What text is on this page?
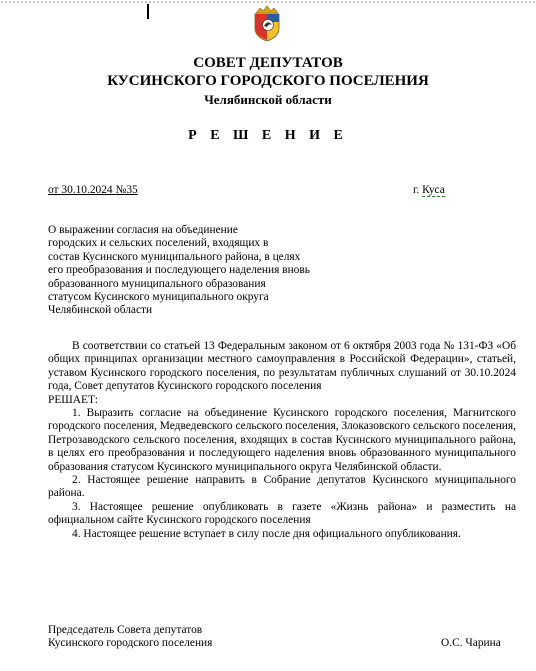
СОВЕТ ДЕПУТАТОВ
КУСИНСКОГО ГОРОДСКОГО ПОСЕЛЕНИЯ
Челябинской области
Р Е Ш Е Н И Е
от 30.10.2024 №35	г. Куса
О выражении согласия на объединение
городских и сельских поселений, входящих в
состав Кусинского муниципального района, в целях
его преобразования и последующего наделения вновь
образованного муниципального образования
статусом Кусинского муниципального округа
Челябинской области

В соответствии со статьей 13 Федеральным законом от 6 октября 2003 года № 131-ФЗ «Об общих принципах организации местного самоуправления в Российской Федерации», статьей, уставом Кусинского городского поселения, по результатам публичных слушаний от 30.10.2024 года, Совет депутатов Кусинского городского поселения

РЕШАЕТ:

1. Выразить согласие на объединение Кусинского городского поселения, Магнитского городского поселения, Медведевского сельского поселения, Злоказовского сельского поселения, Петрозаводского сельского поселения, входящих в состав Кусинского муниципального района, в целях его преобразования и последующего наделения вновь образованного муниципального образования статусом Кусинского муниципального округа Челябинской области.

2. Настоящее решение направить в Собрание депутатов Кусинского муниципального района.

3. Настоящее решение опубликовать в газете «Жизнь района» и разместить на официальном сайте Кусинского городского поселения

4. Настоящее решение вступает в силу после дня официального опубликования.

Председатель Совета депутатов
Кусинского городского поселения	О.С. Чарина
